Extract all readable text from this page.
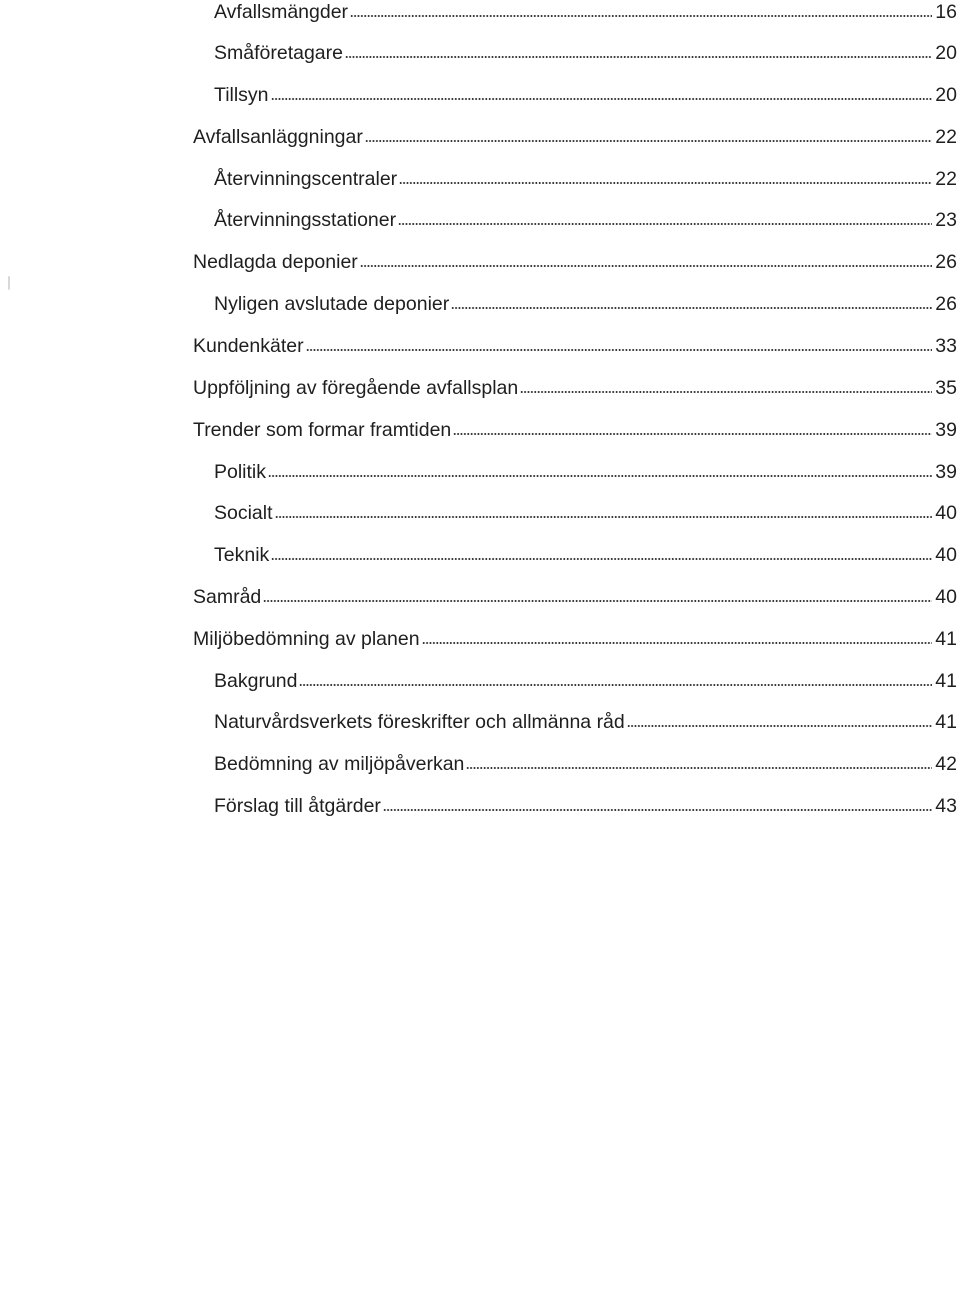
Avfallsmängder	16
Småföretagare	20
Tillsyn	20
Avfallsanläggningar	22
Återvinningscentraler	22
Återvinningsstationer	23
Nedlagda deponier	26
Nyligen avslutade deponier	26
Kundenkäter	33
Uppföljning av föregående avfallsplan	35
Trender som formar framtiden	39
Politik	39
Socialt	40
Teknik	40
Samråd	40
Miljöbedömning av planen	41
Bakgrund	41
Naturvårdsverkets föreskrifter och allmänna råd	41
Bedömning av miljöpåverkan	42
Förslag till åtgärder	43
